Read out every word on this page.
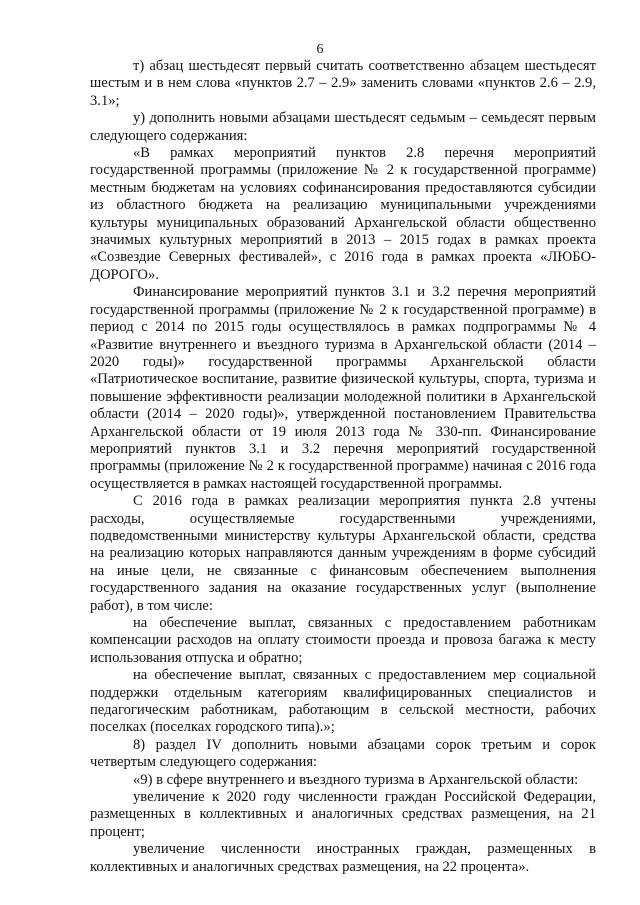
6

т) абзац шестьдесят первый считать соответственно абзацем шестьдесят шестым и в нем слова «пунктов 2.7 – 2.9» заменить словами «пунктов 2.6 – 2.9, 3.1»;

у) дополнить новыми абзацами шестьдесят седьмым – семьдесят первым следующего содержания:

«В рамках мероприятий пунктов 2.8 перечня мероприятий государственной программы (приложение № 2 к государственной программе) местным бюджетам на условиях софинансирования предоставляются субсидии из областного бюджета на реализацию муниципальными учреждениями культуры муниципальных образований Архангельской области общественно значимых культурных мероприятий в 2013 – 2015 годах в рамках проекта «Созвездие Северных фестивалей», с 2016 года в рамках проекта «ЛЮБО-ДОРОГО».

Финансирование мероприятий пунктов 3.1 и 3.2 перечня мероприятий государственной программы (приложение № 2 к государственной программе) в период с 2014 по 2015 годы осуществлялось в рамках подпрограммы № 4 «Развитие внутреннего и въездного туризма в Архангельской области (2014 – 2020 годы)» государственной программы Архангельской области «Патриотическое воспитание, развитие физической культуры, спорта, туризма и повышение эффективности реализации молодежной политики в Архангельской области (2014 – 2020 годы)», утвержденной постановлением Правительства Архангельской области от 19 июля 2013 года № 330-пп. Финансирование мероприятий пунктов 3.1 и 3.2 перечня мероприятий государственной программы (приложение № 2 к государственной программе) начиная с 2016 года осуществляется в рамках настоящей государственной программы.

С 2016 года в рамках реализации мероприятия пункта 2.8 учтены расходы, осуществляемые государственными учреждениями, подведомственными министерству культуры Архангельской области, средства на реализацию которых направляются данным учреждениям в форме субсидий на иные цели, не связанные с финансовым обеспечением выполнения государственного задания на оказание государственных услуг (выполнение работ), в том числе:

на обеспечение выплат, связанных с предоставлением работникам компенсации расходов на оплату стоимости проезда и провоза багажа к месту использования отпуска и обратно;

на обеспечение выплат, связанных с предоставлением мер социальной поддержки отдельным категориям квалифицированных специалистов и педагогическим работникам, работающим в сельской местности, рабочих поселках (поселках городского типа).»;

8) раздел IV дополнить новыми абзацами сорок третьим и сорок четвертым следующего содержания:

«9) в сфере внутреннего и въездного туризма в Архангельской области:

увеличение к 2020 году численности граждан Российской Федерации, размещенных в коллективных и аналогичных средствах размещения, на 21 процент;

увеличение численности иностранных граждан, размещенных в коллективных и аналогичных средствах размещения, на 22 процента».
